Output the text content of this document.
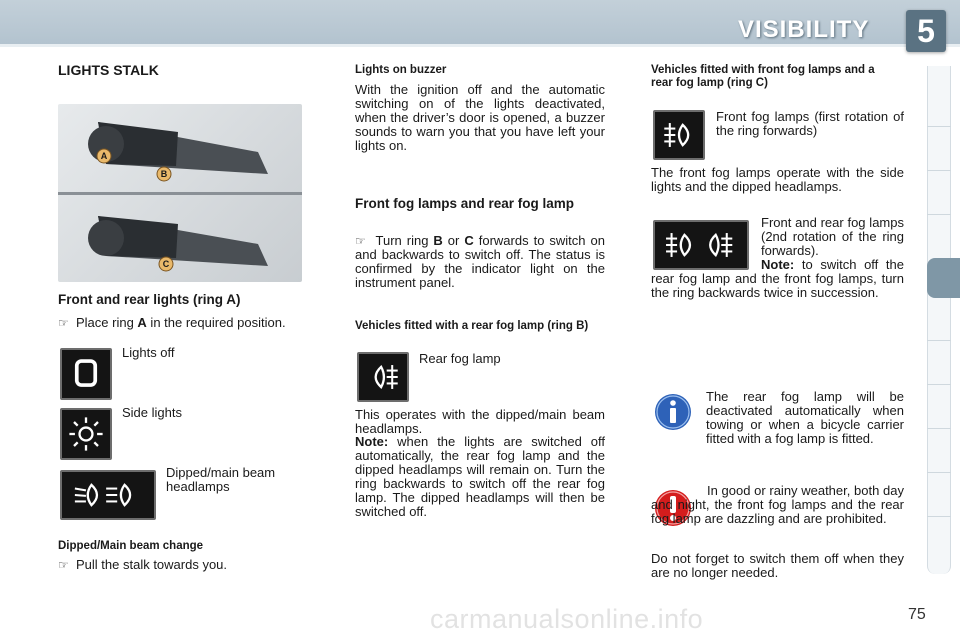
VISIBILITY	5
LIGHTS STALK
A
B
C
Front and rear lights (ring A)
☞ Place ring A in the required position.
Lights off
Side lights
Dipped/main beam headlamps
Dipped/Main beam change
☞ Pull the stalk towards you.
Lights on buzzer
With the ignition off and the automatic switching on of the lights deactivated, when the driver’s door is opened, a buzzer sounds to warn you that you have left your lights on.
Front fog lamps and rear fog lamp
☞ Turn ring B or C forwards to switch on and backwards to switch off. The status is confirmed by the indicator light on the instrument panel.
Vehicles fitted with a rear fog lamp (ring B)
Rear fog lamp
This operates with the dipped/main beam headlamps.
Note: when the lights are switched off automatically, the rear fog lamp and the dipped headlamps will remain on. Turn the ring backwards to switch off the rear fog lamp. The dipped headlamps will then be switched off.
Vehicles fitted with front fog lamps and a rear fog lamp (ring C)
Front fog lamps (first rotation of the ring forwards)
The front fog lamps operate with the side lights and the dipped headlamps.
Front and rear fog lamps (2nd rotation of the ring forwards).
Note: to switch off the rear fog lamp and the front fog lamps, turn the ring backwards twice in succession.
The rear fog lamp will be deactivated automatically when towing or when a bicycle carrier fitted with a fog lamp is fitted.
In good or rainy weather, both day and night, the front fog lamps and the rear fog lamp are dazzling and are prohibited.
Do not forget to switch them off when they are no longer needed.
carmanualsonline.info	75
